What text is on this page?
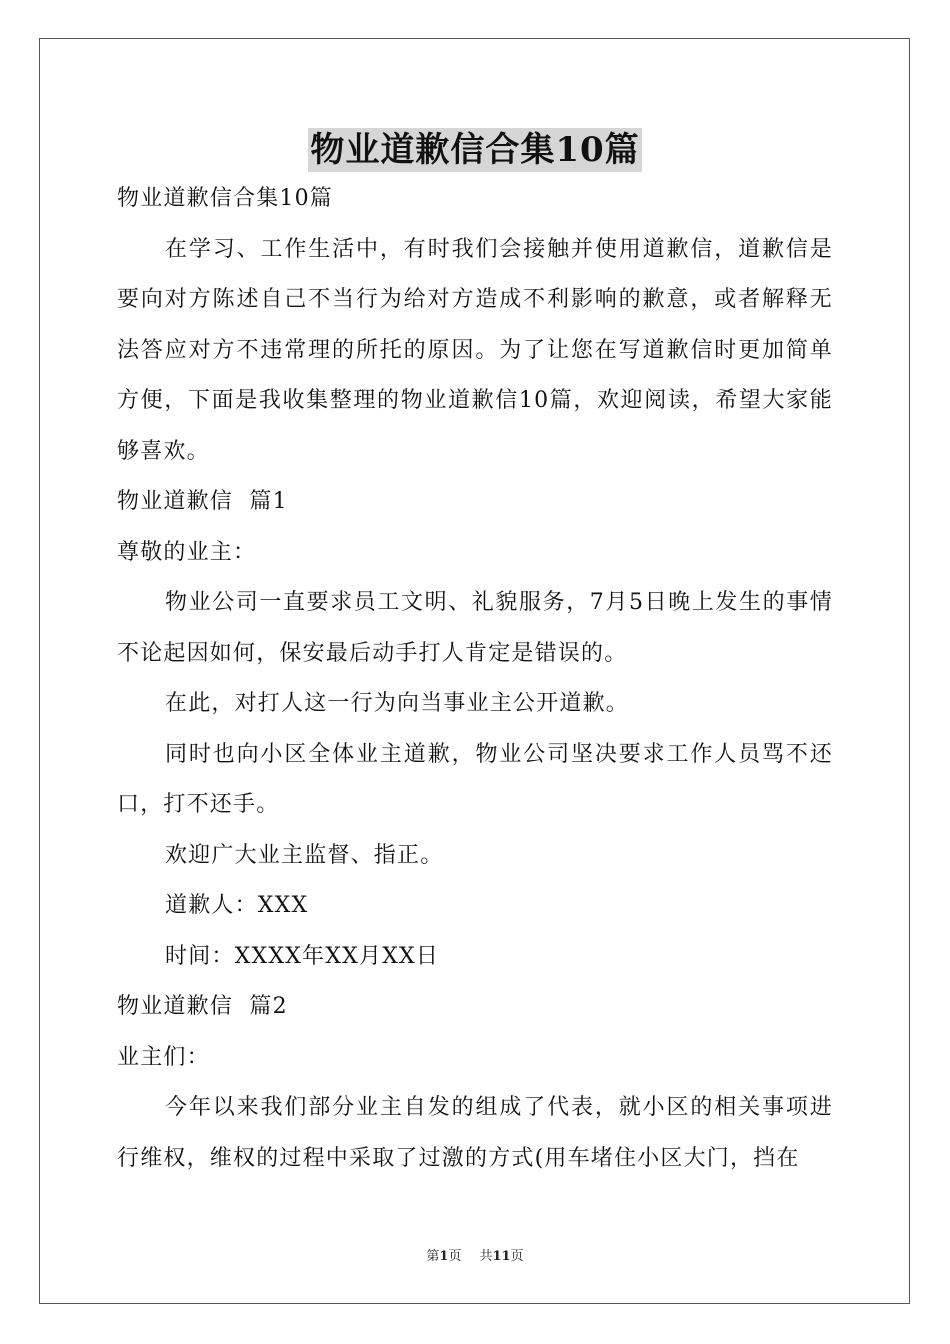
物业道歉信合集10篇

物业道歉信合集10篇

在学习、工作生活中，有时我们会接触并使用道歉信，道歉信是要向对方陈述自己不当行为给对方造成不利影响的歉意，或者解释无法答应对方不违常理的所托的原因。为了让您在写道歉信时更加简单方便，下面是我收集整理的物业道歉信10篇，欢迎阅读，希望大家能够喜欢。

物业道歉信  篇1

尊敬的业主：

物业公司一直要求员工文明、礼貌服务，7月5日晚上发生的事情不论起因如何，保安最后动手打人肯定是错误的。

在此，对打人这一行为向当事业主公开道歉。

同时也向小区全体业主道歉，物业公司坚决要求工作人员骂不还口，打不还手。

欢迎广大业主监督、指正。

道歉人：XXX

时间：XXXX年XX月XX日

物业道歉信  篇2

业主们：

今年以来我们部分业主自发的组成了代表，就小区的相关事项进行维权，维权的过程中采取了过激的方式(用车堵住小区大门，挡在

第1页 共11页
